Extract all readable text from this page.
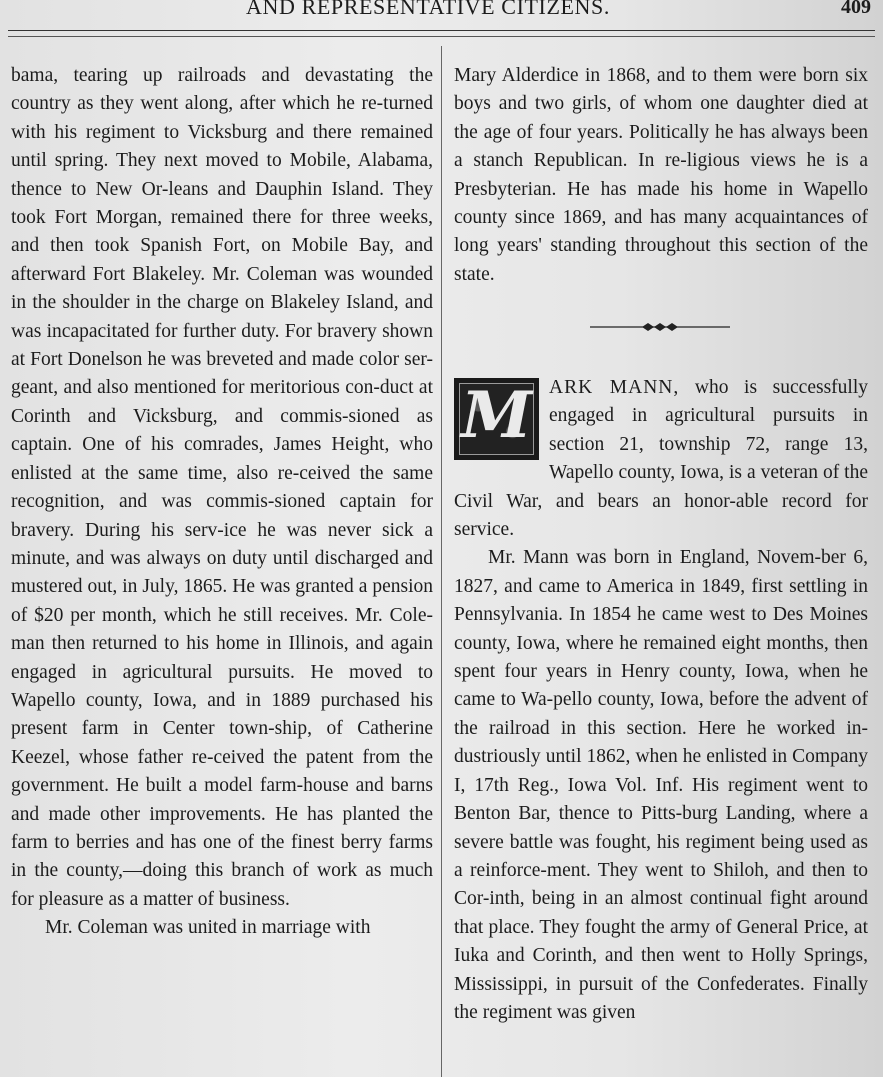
AND REPRESENTATIVE CITIZENS.	409

bama, tearing up railroads and devastating the country as they went along, after which he re-turned with his regiment to Vicksburg and there remained until spring. They next moved to Mobile, Alabama, thence to New Or-leans and Dauphin Island. They took Fort Morgan, remained there for three weeks, and then took Spanish Fort, on Mobile Bay, and afterward Fort Blakeley. Mr. Coleman was wounded in the shoulder in the charge on Blakeley Island, and was incapacitated for further duty. For bravery shown at Fort Donelson he was breveted and made color ser-geant, and also mentioned for meritorious con-duct at Corinth and Vicksburg, and commis-sioned as captain. One of his comrades, James Height, who enlisted at the same time, also re-ceived the same recognition, and was commis-sioned captain for bravery. During his serv-ice he was never sick a minute, and was always on duty until discharged and mustered out, in July, 1865. He was granted a pension of $20 per month, which he still receives. Mr. Cole-man then returned to his home in Illinois, and again engaged in agricultural pursuits. He moved to Wapello county, Iowa, and in 1889 purchased his present farm in Center town-ship, of Catherine Keezel, whose father re-ceived the patent from the government. He built a model farm-house and barns and made other improvements. He has planted the farm to berries and has one of the finest berry farms in the county,—doing this branch of work as much for pleasure as a matter of business.

Mr. Coleman was united in marriage with

Mary Alderdice in 1868, and to them were born six boys and two girls, of whom one daughter died at the age of four years. Politically he has always been a stanch Republican. In re-ligious views he is a Presbyterian. He has made his home in Wapello county since 1869, and has many acquaintances of long years' standing throughout this section of the state.

M ARK MANN, who is successfully engaged in agricultural pursuits in section 21, township 72, range 13, Wapello county, Iowa, is a veteran of the Civil War, and bears an honor-able record for service.

Mr. Mann was born in England, Novem-ber 6, 1827, and came to America in 1849, first settling in Pennsylvania. In 1854 he came west to Des Moines county, Iowa, where he remained eight months, then spent four years in Henry county, Iowa, when he came to Wa-pello county, Iowa, before the advent of the railroad in this section. Here he worked in-dustriously until 1862, when he enlisted in Company I, 17th Reg., Iowa Vol. Inf. His regiment went to Benton Bar, thence to Pitts-burg Landing, where a severe battle was fought, his regiment being used as a reinforce-ment. They went to Shiloh, and then to Cor-inth, being in an almost continual fight around that place. They fought the army of General Price, at Iuka and Corinth, and then went to Holly Springs, Mississippi, in pursuit of the Confederates. Finally the regiment was given
